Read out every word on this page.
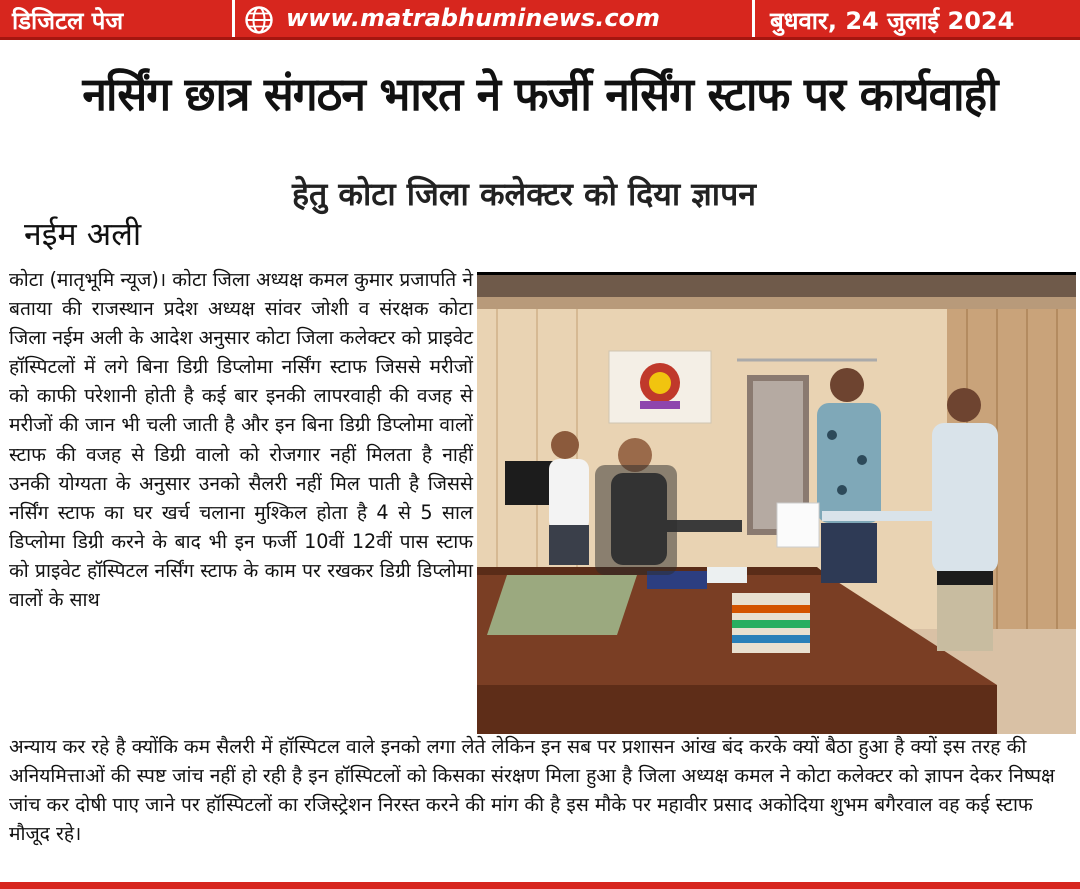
डिजिटल पेज	www.matrabhuminews.com	बुधवार, 24 जुलाई 2024
नर्सिंग छात्र संगठन भारत ने फर्जी नर्सिंग स्टाफ पर कार्यवाही
हेतु कोटा जिला कलेक्टर को दिया ज्ञापन
नईम अली

कोटा (मातृभूमि न्यूज)। कोटा जिला अध्यक्ष कमल कुमार प्रजापति ने बताया की राजस्थान प्रदेश अध्यक्ष सांवर जोशी व संरक्षक कोटा जिला नईम अली के आदेश अनुसार कोटा जिला कलेक्टर को प्राइवेट हॉस्पिटलों में लगे बिना डिग्री डिप्लोमा नर्सिंग स्टाफ जिससे मरीजों को काफी परेशानी होती है कई बार इनकी लापरवाही की वजह से मरीजों की जान भी चली जाती है और इन बिना डिग्री डिप्लोमा वालों स्टाफ की वजह से डिग्री वालो को रोजगार नहीं मिलता है नाहीं उनकी योग्यता के अनुसार उनको सैलरी नहीं मिल पाती है जिससे नर्सिंग स्टाफ का घर खर्च चलाना मुश्किल होता है 4 से 5 साल डिप्लोमा डिग्री करने के बाद भी इन फर्जी 10वीं 12वीं पास स्टाफ को प्राइवेट हॉस्पिटल नर्सिंग स्टाफ के काम पर रखकर डिग्री डिप्लोमा वालों के साथ

अन्याय कर रहे है क्योंकि कम सैलरी में हॉस्पिटल वाले इनको लगा लेते लेकिन इन सब पर प्रशासन आंख बंद करके क्यों बैठा हुआ है क्यों इस तरह की अनियमित्ताओं की स्पष्ट जांच नहीं हो रही है इन हॉस्पिटलों को किसका संरक्षण मिला हुआ है जिला अध्यक्ष कमल ने कोटा कलेक्टर को ज्ञापन देकर निष्पक्ष जांच कर दोषी पाए जाने पर हॉस्पिटलों का रजिस्ट्रेशन निरस्त करने की मांग की है इस मौके पर महावीर प्रसाद अकोदिया शुभम बगैरवाल वह कई स्टाफ मौजूद रहे।
